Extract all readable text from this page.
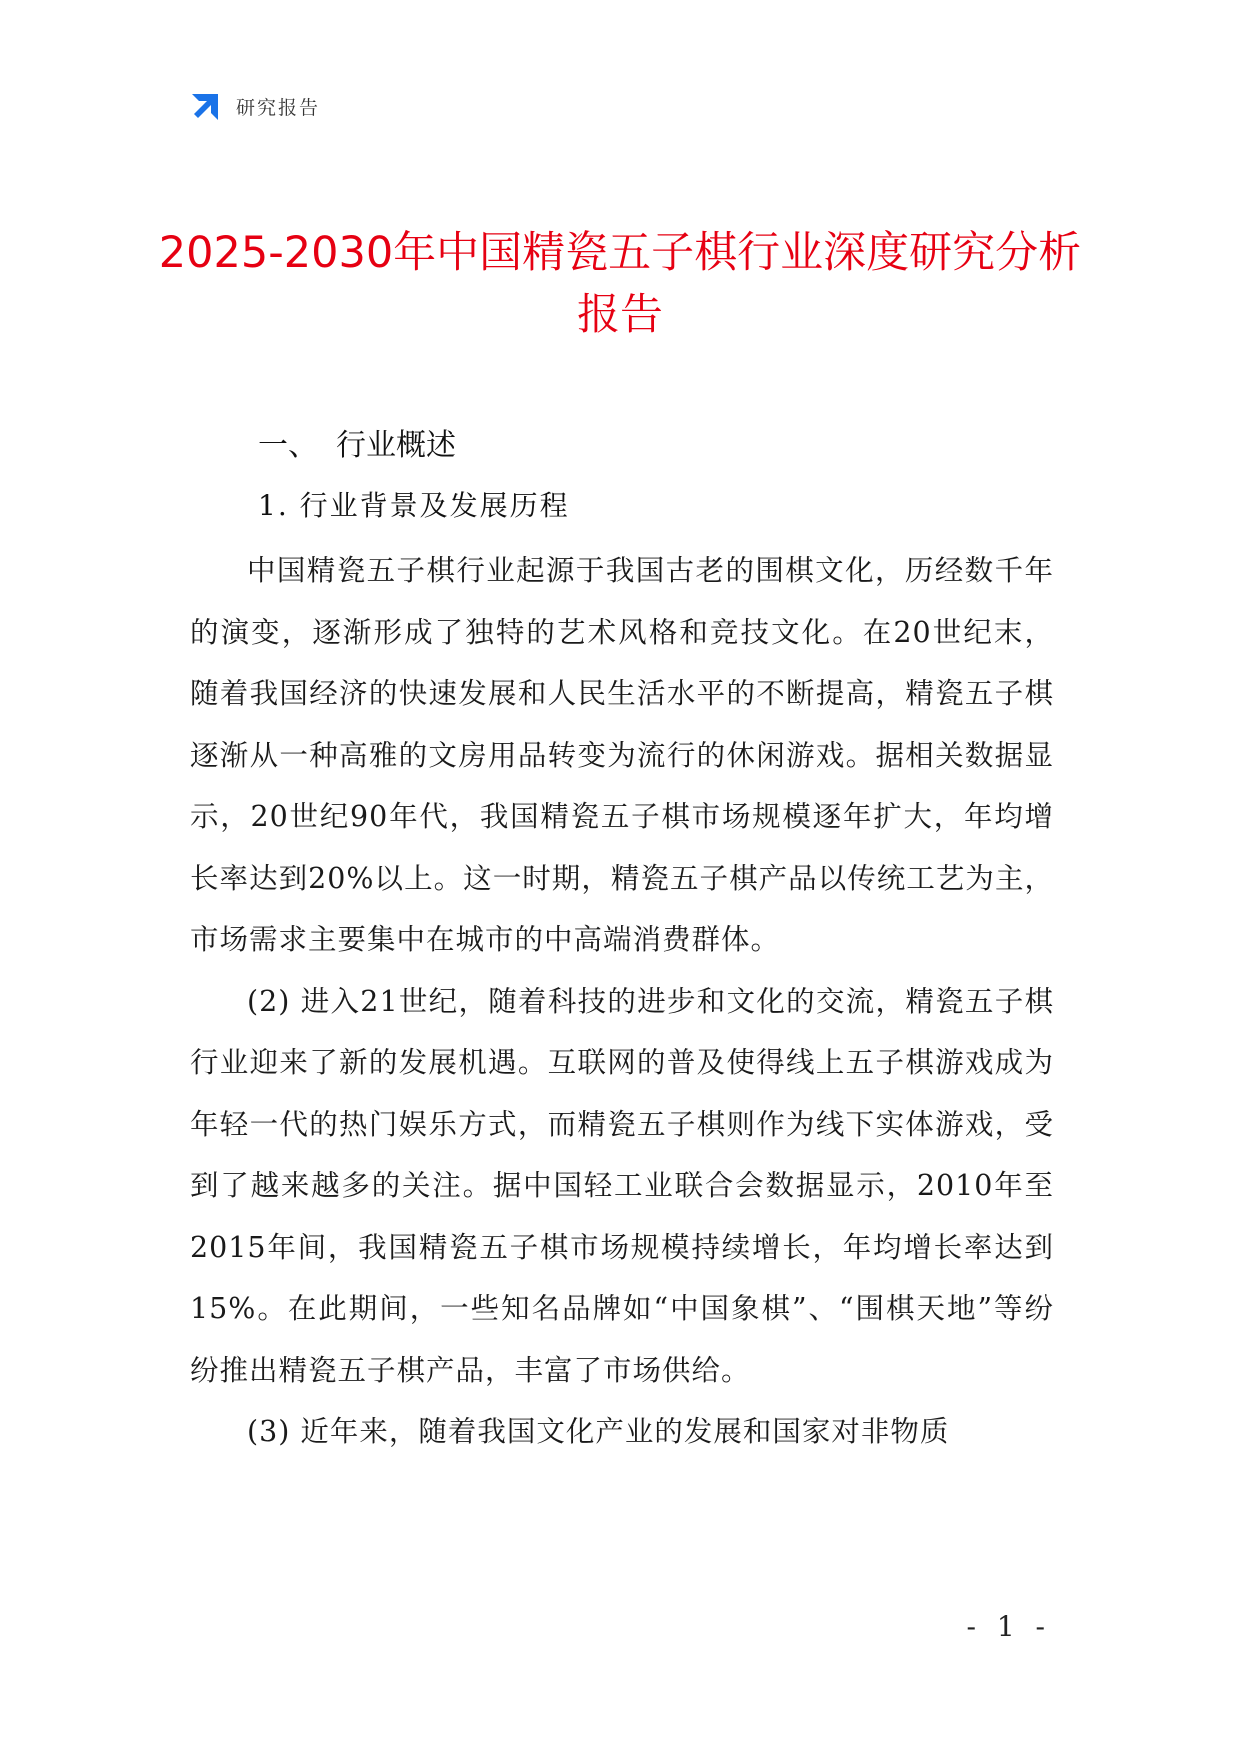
研究报告
2025-2030年中国精瓷五子棋行业深度研究分析报告
一、 行业概述
1. 行业背景及发展历程

中国精瓷五子棋行业起源于我国古老的围棋文化，历经数千年的演变，逐渐形成了独特的艺术风格和竞技文化。在20世纪末，随着我国经济的快速发展和人民生活水平的不断提高，精瓷五子棋逐渐从一种高雅的文房用品转变为流行的休闲游戏。据相关数据显示，20世纪90年代，我国精瓷五子棋市场规模逐年扩大，年均增长率达到20%以上。这一时期，精瓷五子棋产品以传统工艺为主，市场需求主要集中在城市的中高端消费群体。

(2) 进入21世纪，随着科技的进步和文化的交流，精瓷五子棋行业迎来了新的发展机遇。互联网的普及使得线上五子棋游戏成为年轻一代的热门娱乐方式，而精瓷五子棋则作为线下实体游戏，受到了越来越多的关注。据中国轻工业联合会数据显示，2010年至2015年间，我国精瓷五子棋市场规模持续增长，年均增长率达到15%。在此期间，一些知名品牌如“中国象棋”、“围棋天地”等纷纷推出精瓷五子棋产品，丰富了市场供给。

(3) 近年来，随着我国文化产业的发展和国家对非物质

- 1 -
